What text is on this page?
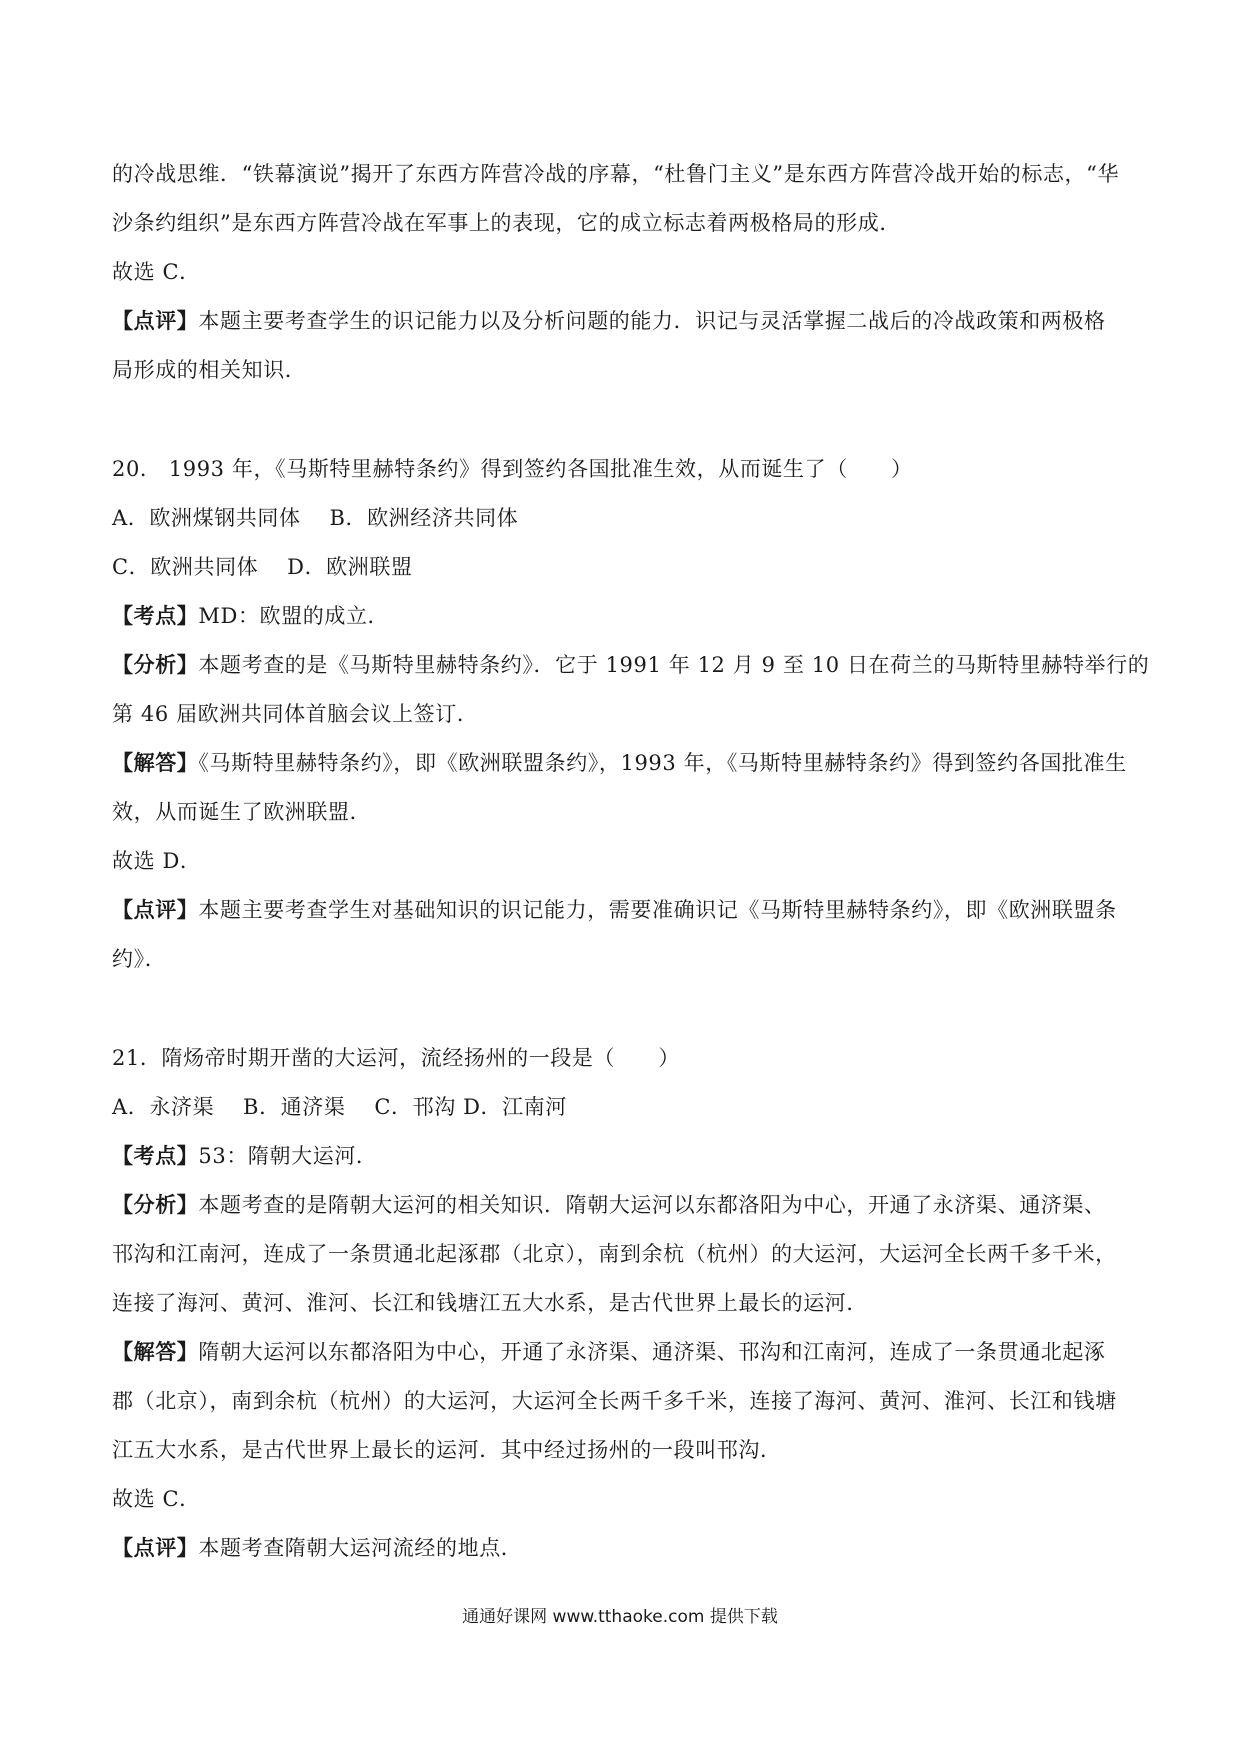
的冷战思维．“铁幕演说”揭开了东西方阵营冷战的序幕，“杜鲁门主义”是东西方阵营冷战开始的标志，“华
沙条约组织”是东西方阵营冷战在军事上的表现，它的成立标志着两极格局的形成．
故选 C．
【点评】本题主要考查学生的识记能力以及分析问题的能力．识记与灵活掌握二战后的冷战政策和两极格
局形成的相关知识．
20． 1993 年，《马斯特里赫特条约》得到签约各国批准生效，从而诞生了（　　）
A．欧洲煤钢共同体　 B．欧洲经济共同体
C．欧洲共同体　 D．欧洲联盟
【考点】MD：欧盟的成立．
【分析】本题考查的是《马斯特里赫特条约》．它于 1991 年 12 月 9 至 10 日在荷兰的马斯特里赫特举行的
第 46 届欧洲共同体首脑会议上签订．
【解答】《马斯特里赫特条约》，即《欧洲联盟条约》，1993 年，《马斯特里赫特条约》得到签约各国批准生
效，从而诞生了欧洲联盟．
故选 D．
【点评】本题主要考查学生对基础知识的识记能力，需要准确识记《马斯特里赫特条约》，即《欧洲联盟条
约》．
21．隋炀帝时期开凿的大运河，流经扬州的一段是（　　）
A．永济渠　 B．通济渠　 C．邗沟 D．江南河
【考点】53：隋朝大运河．
【分析】本题考查的是隋朝大运河的相关知识．隋朝大运河以东都洛阳为中心，开通了永济渠、通济渠、
邗沟和江南河，连成了一条贯通北起涿郡（北京），南到余杭（杭州）的大运河，大运河全长两千多千米，
连接了海河、黄河、淮河、长江和钱塘江五大水系，是古代世界上最长的运河．
【解答】隋朝大运河以东都洛阳为中心，开通了永济渠、通济渠、邗沟和江南河，连成了一条贯通北起涿
郡（北京），南到余杭（杭州）的大运河，大运河全长两千多千米，连接了海河、黄河、淮河、长江和钱塘
江五大水系，是古代世界上最长的运河．其中经过扬州的一段叫邗沟．
故选 C．
【点评】本题考查隋朝大运河流经的地点．
通通好课网 www.tthaoke.com 提供下载
